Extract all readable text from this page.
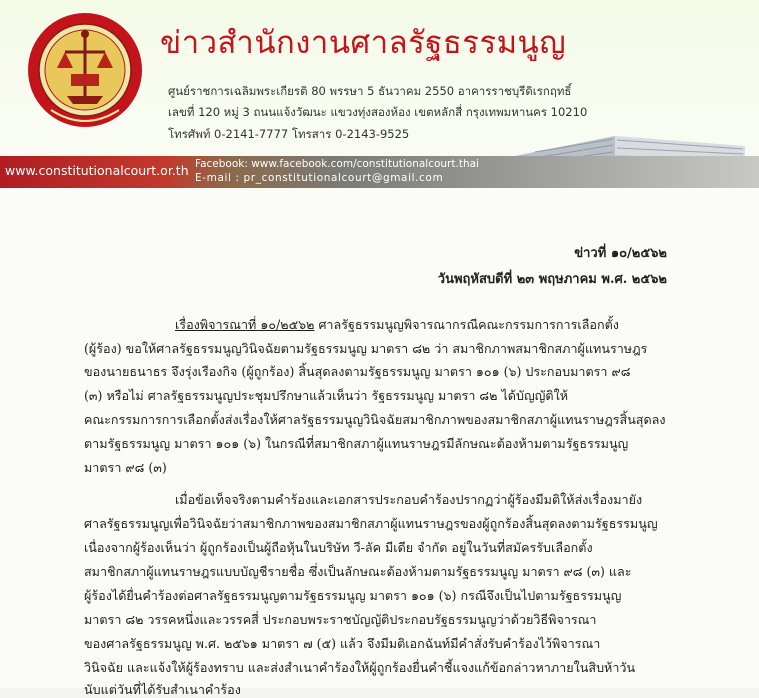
ข่าวสำนักงานศาลรัฐธรรมนูญ
ศูนย์ราชการเฉลิมพระเกียรติ 80 พรรษา 5 ธันวาคม 2550 อาคารราชบุรีดิเรกฤทธิ์
เลขที่ 120 หมู่ 3 ถนนแจ้งวัฒนะ แขวงทุ่งสองห้อง เขตหลักสี่ กรุงเทพมหานคร 10210
โทรศัพท์ 0-2141-7777 โทรสาร 0-2143-9525
www.constitutionalcourt.or.th Facebook: www.facebook.com/constitutionalcourt.thai
E-mail : pr_constitutionalcourt@gmail.com
ข่าวที่ ๑๐/๒๕๖๒
วันพฤหัสบดีที่ ๒๓ พฤษภาคม พ.ศ. ๒๕๖๒
เรื่องพิจารณาที่ ๑๐/๒๕๖๒ ศาลรัฐธรรมนูญพิจารณากรณีคณะกรรมการการเลือกตั้ง
(ผู้ร้อง) ขอให้ศาลรัฐธรรมนูญวินิจฉัยตามรัฐธรรมนูญ มาตรา ๘๒ ว่า สมาชิกภาพสมาชิกสภาผู้แทนราษฎร
ของนายธนาธร จึงรุ่งเรืองกิจ (ผู้ถูกร้อง) สิ้นสุดลงตามรัฐธรรมนูญ มาตรา ๑๐๑ (๖) ประกอบมาตรา ๙๘
(๓) หรือไม่ ศาลรัฐธรรมนูญประชุมปรึกษาแล้วเห็นว่า รัฐธรรมนูญ มาตรา ๘๒ ได้บัญญัติให้
คณะกรรมการการเลือกตั้งส่งเรื่องให้ศาลรัฐธรรมนูญวินิจฉัยสมาชิกภาพของสมาชิกสภาผู้แทนราษฎรสิ้นสุดลง
ตามรัฐธรรมนูญ มาตรา ๑๐๑ (๖) ในกรณีที่สมาชิกสภาผู้แทนราษฎรมีลักษณะต้องห้ามตามรัฐธรรมนูญ
มาตรา ๙๘ (๓)
เมื่อข้อเท็จจริงตามคำร้องและเอกสารประกอบคำร้องปรากฏว่าผู้ร้องมีมติให้ส่งเรื่องมายัง
ศาลรัฐธรรมนูญเพื่อวินิจฉัยว่าสมาชิกภาพของสมาชิกสภาผู้แทนราษฎรของผู้ถูกร้องสิ้นสุดลงตามรัฐธรรมนูญ
เนื่องจากผู้ร้องเห็นว่า ผู้ถูกร้องเป็นผู้ถือหุ้นในบริษัท วี-ลัค มีเดีย จำกัด อยู่ในวันที่สมัครรับเลือกตั้ง
สมาชิกสภาผู้แทนราษฎรแบบบัญชีรายชื่อ ซึ่งเป็นลักษณะต้องห้ามตามรัฐธรรมนูญ มาตรา ๙๘ (๓) และ
ผู้ร้องได้ยื่นคำร้องต่อศาลรัฐธรรมนูญตามรัฐธรรมนูญ มาตรา ๑๐๑ (๖) กรณีจึงเป็นไปตามรัฐธรรมนูญ
มาตรา ๘๒ วรรคหนึ่งและวรรคสี่ ประกอบพระราชบัญญัติประกอบรัฐธรรมนูญว่าด้วยวิธีพิจารณา
ของศาลรัฐธรรมนูญ พ.ศ. ๒๕๖๑ มาตรา ๗ (๕) แล้ว จึงมีมติเอกฉันท์มีคำสั่งรับคำร้องไว้พิจารณา
วินิจฉัย และแจ้งให้ผู้ร้องทราบ และส่งสำเนาคำร้องให้ผู้ถูกร้องยื่นคำชี้แจงแก้ข้อกล่าวหาภายในสิบห้าวัน
นับแต่วันที่ได้รับสำเนาคำร้อง
